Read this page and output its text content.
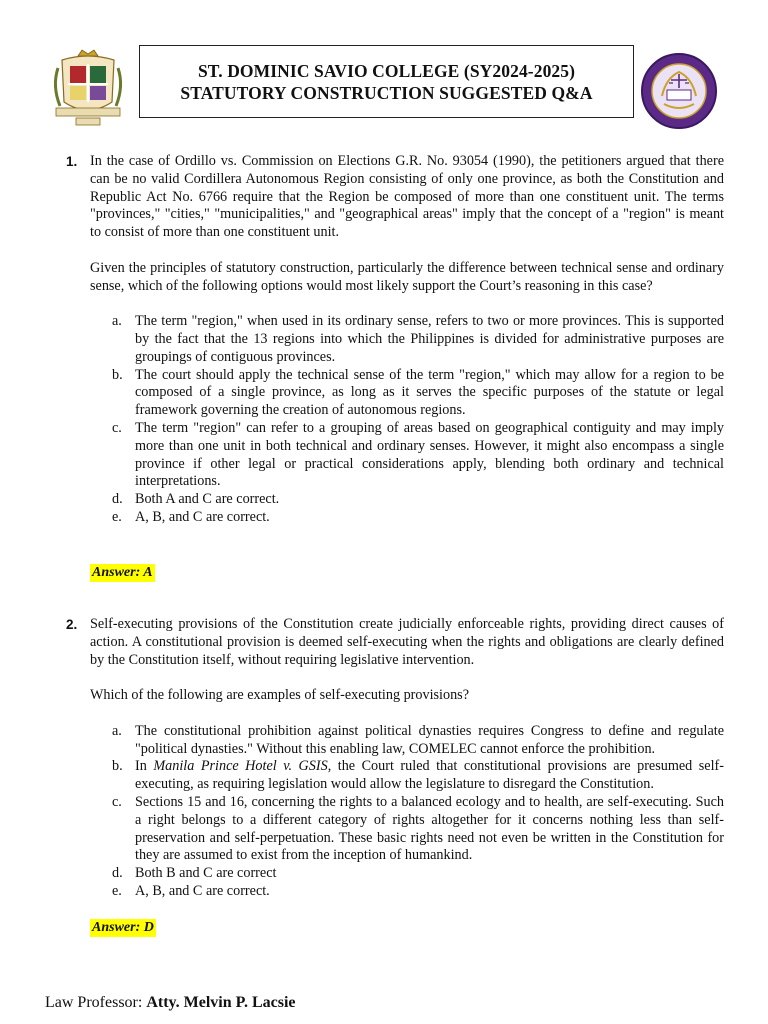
ST. DOMINIC SAVIO COLLEGE (SY2024-2025)
STATUTORY CONSTRUCTION SUGGESTED Q&A
1. In the case of Ordillo vs. Commission on Elections G.R. No. 93054 (1990), the petitioners argued that there can be no valid Cordillera Autonomous Region consisting of only one province, as both the Constitution and Republic Act No. 6766 require that the Region be composed of more than one constituent unit. The terms "provinces," "cities," "municipalities," and "geographical areas" imply that the concept of a "region" is meant to consist of more than one constituent unit.

Given the principles of statutory construction, particularly the difference between technical sense and ordinary sense, which of the following options would most likely support the Court’s reasoning in this case?

a. The term "region," when used in its ordinary sense, refers to two or more provinces. This is supported by the fact that the 13 regions into which the Philippines is divided for administrative purposes are groupings of contiguous provinces.
b. The court should apply the technical sense of the term "region," which may allow for a region to be composed of a single province, as long as it serves the specific purposes of the statute or legal framework governing the creation of autonomous regions.
c. The term "region" can refer to a grouping of areas based on geographical contiguity and may imply more than one unit in both technical and ordinary senses. However, it might also encompass a single province if other legal or practical considerations apply, blending both ordinary and technical interpretations.
d. Both A and C are correct.
e. A, B, and C are correct.
Answer: A
2. Self-executing provisions of the Constitution create judicially enforceable rights, providing direct causes of action. A constitutional provision is deemed self-executing when the rights and obligations are clearly defined by the Constitution itself, without requiring legislative intervention.

Which of the following are examples of self-executing provisions?

a. The constitutional prohibition against political dynasties requires Congress to define and regulate "political dynasties." Without this enabling law, COMELEC cannot enforce the prohibition.
b. In Manila Prince Hotel v. GSIS, the Court ruled that constitutional provisions are presumed self-executing, as requiring legislation would allow the legislature to disregard the Constitution.
c. Sections 15 and 16, concerning the rights to a balanced ecology and to health, are self-executing. Such a right belongs to a different category of rights altogether for it concerns nothing less than self-preservation and self-perpetuation. These basic rights need not even be written in the Constitution for they are assumed to exist from the inception of humankind.
d. Both B and C are correct
e. A, B, and C are correct.
Answer: D
Law Professor: Atty. Melvin P. Lacsie
